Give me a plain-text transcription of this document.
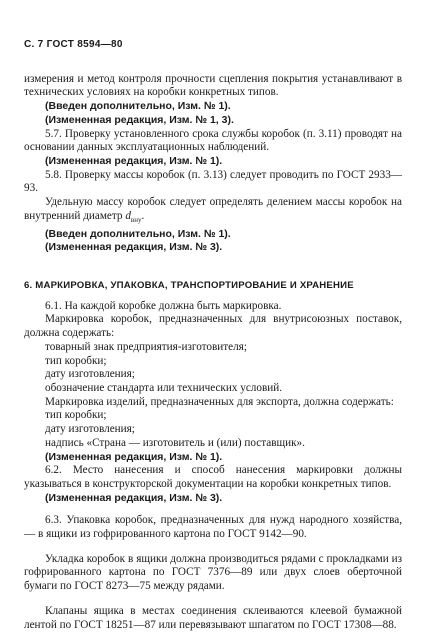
С. 7 ГОСТ 8594—80

измерения и метод контроля прочности сцепления покрытия устанавливают в технических условиях на коробки конкретных типов.

(Введен дополнительно, Изм. № 1).

(Измененная редакция, Изм. № 1, 3).

5.7. Проверку установленного срока службы коробок (п. 3.11) проводят на основании данных эксплуатационных наблюдений.

(Измененная редакция, Изм. № 1).

5.8. Проверку массы коробок (п. 3.13) следует проводить по ГОСТ 2933—93.

Удельную массу коробок следует определять делением массы коробок на внутренний диаметр $d_{вну}$.

(Введен дополнительно, Изм. № 1).

(Измененная редакция, Изм. № 3).

6. МАРКИРОВКА, УПАКОВКА, ТРАНСПОРТИРОВАНИЕ И ХРАНЕНИЕ

6.1. На каждой коробке должна быть маркировка.

Маркировка коробок, предназначенных для внутрисоюзных поставок, должна содержать:

товарный знак предприятия-изготовителя;

тип коробки;

дату изготовления;

обозначение стандарта или технических условий.

Маркировка изделий, предназначенных для экспорта, должна содержать:

тип коробки;

дату изготовления;

надпись «Страна — изготовитель и (или) поставщик».

(Измененная редакция, Изм. № 1).

6.2. Место нанесения и способ нанесения маркировки должны указываться в конструкторской документации на коробки конкретных типов.

(Измененная редакция, Изм. № 3).

6.3. Упаковка коробок, предназначенных для нужд народного хозяйства, — в ящики из гофрированного картона по ГОСТ 9142—90.

Укладка коробок в ящики должна производиться рядами с прокладками из гофрированного картона по ГОСТ 7376—89 или двух слоев оберточной бумаги по ГОСТ 8273—75 между рядами.

Клапаны ящика в местах соединения склеиваются клеевой бумажной лентой по ГОСТ 18251—87 или перевязывают шпагатом по ГОСТ 17308—88.
